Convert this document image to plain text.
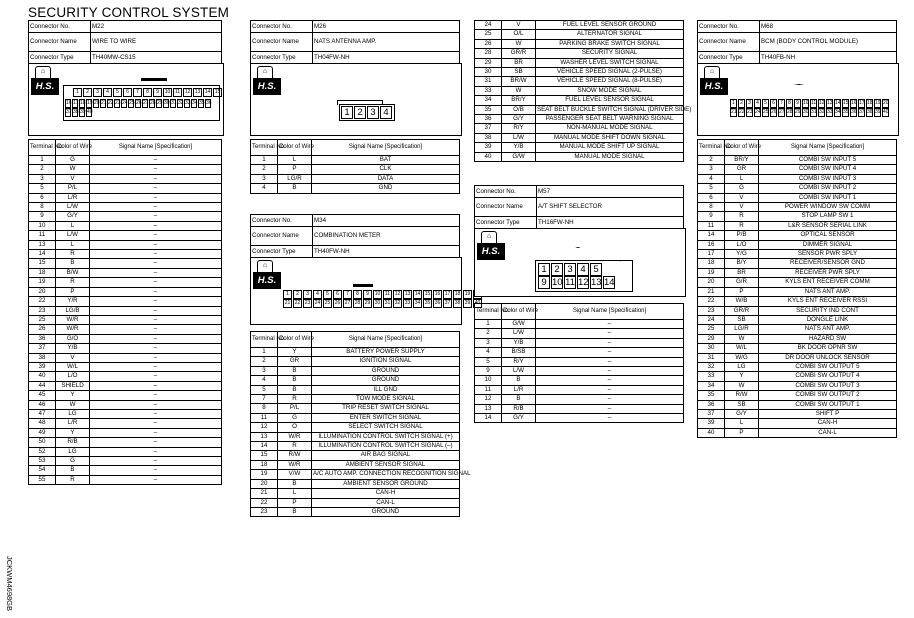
SECURITY CONTROL SYSTEM
JCKWM4698GB
Connector No.	M22
Connector Name	WIRE TO WIRE
Connector Type	TH40MW-CS15
⌂
H.S.	1	2	3	4	5	6	7	8	9	10 11 12 13 14 15
16 17 18 19 20 21 22 23 24 25 26 27 28 29 30 31 32 33 34 35 36
37 38 39 40
Terminal No.	Color of Wire	Signal Name [Specification]
1	G	–
2	W	–
3	V	–
5	P/L	–
6	L/R	–
8	L/W	–
9	G/Y	–
10	L	–
11	L/W	–
13	L	–
14	R	–
15	B	–
18	B/W	–
19	R	–
20	P	–
22	Y/R	–
23	LG/B	–
25	W/R	–
26	W/R	–
36	G/O	–
37	Y/B	–
38	V	–
39	W/L	–
40	L/O	–
44	SHIELD	–
45	Y	–
46	W	–
47	LG	–
48	L/R	–
49	Y	–
50	R/B	–
52	LG	–
53	G	–
54	B	–
55	R	–
Connector No.	M26
Connector Name	NATS ANTENNA AMP.
Connector Type	TH04FW-NH
⌂
H.S.
1 2 3 4
Terminal No.	Color of Wire	Signal Name [Specification]
1	L	BAT
2	P	CLK
3	LG/R	DATA
4	B	GND
Connector No.	M34
Connector Name	COMBINATION METER
Connector Type	TH40FW-NH
⌂
H.S.
1	2	3	4	5	6	7	8	9	10 11 12 13 14 15 16 17 18 19
21 22 23 24 25 26 27 28 29 30 31 32 33 34 35 36 37 38 39 40
Terminal No.	Color of Wire	Signal Name [Specification]
1	Y	BATTERY POWER SUPPLY
2	GR	IGNITION SIGNAL
3	B	GROUND
4	B	GROUND
5	B	ILL GND
7	R	TOW MODE SIGNAL
8	P/L	TRIP RESET SWITCH SIGNAL
11	G	ENTER SWITCH SIGNAL
12	O	SELECT SWITCH SIGNAL
13	W/R	ILLUMINATION CONTROL SWITCH SIGNAL (+)
14	R	ILLUMINATION CONTROL SWITCH SIGNAL (–)
15	R/W	AIR BAG SIGNAL
18	W/R	AMBIENT SENSOR SIGNAL
19	V/W	A/C AUTO AMP. CONNECTION RECOGNITION SIGNAL
20	B	AMBIENT SENSOR GROUND
21	L	CAN-H
22	P	CAN-L
23	B	GROUND
24	V	FUEL LEVEL SENSOR GROUND
25	O/L	ALTERNATOR SIGNAL
26	W	PARKING BRAKE SWITCH SIGNAL
28	GR/R	SECURITY SIGNAL
29	BR	WASHER LEVEL SWITCH SIGNAL
30	SB	VEHICLE SPEED SIGNAL (2-PULSE)
31	BR/W	VEHICLE SPEED SIGNAL (8-PULSE)
33	W	SNOW MODE SIGNAL
34	BR/Y	FUEL LEVEL SENSOR SIGNAL
35	O/B	SEAT BELT BUCKLE SWITCH SIGNAL (DRIVER SIDE)
36	G/Y	PASSENGER SEAT BELT WARNING SIGNAL
37	R/Y	NON-MANUAL MODE SIGNAL
38	L/W	MANUAL MODE SHIFT DOWN SIGNAL
39	Y/B	MANUAL MODE SHIFT UP SIGNAL
40	G/W	MANUAL MODE SIGNAL
Connector No.	M57
Connector Name	A/T SHIFT SELECTOR
Connector Type	TH16FW-NH
⌂
H.S.
1 2 3 4 5
9 10 11 12 13 14
Terminal No.	Color of Wire	Signal Name [Specification]
1	G/W	–
2	L/W	–
3	Y/B	–
4	B/SB	–
5	R/Y	–
9	L/W	–
10	B	–
11	L/R	–
12	B	–
13	R/B	–
14	G/Y	–
Connector No.	M68
Connector Name	BCM (BODY CONTROL MODULE)
Connector Type	TH40FB-NH
⌂
H.S.
1	2	3	4	5	6	7	8	9 10 11 12 13 14 15 16 17 18 19 20
21 22 23 24 25 26 27 28 29 30 31 32 33 34 35 36 37 38 39 40
Terminal No.	Color of Wire	Signal Name [Specification]
2	BR/Y	COMBI SW INPUT 5
3	GR	COMBI SW INPUT 4
4	L	COMBI SW INPUT 3
5	G	COMBI SW INPUT 2
6	V	COMBI SW INPUT 1
8	V	POWER WINDOW SW COMM
9	R	STOP LAMP SW 1
11	R	L&R SENSOR SERIAL LINK
14	P/B	OPTICAL SENSOR
16	L/O	DIMMER SIGNAL
17	Y/G	SENSOR PWR SPLY
18	B/Y	RECEIVER/SENSOR GND
19	BR	RECEIVER PWR SPLY
20	G/R	KYLS ENT RECEIVER COMM
21	P	NATS ANT AMP.
22	W/B	KYLS ENT RECEIVER RSSI
23	GR/R	SECURITY IND CONT
24	SB	DONGLE LINK
25	LG/R	NATS ANT AMP.
29	W	HAZARD SW
30	W/L	BK DOOR OPNR SW
31	W/G	DR DOOR UNLOCK SENSOR
32	LG	COMBI SW OUTPUT 5
33	Y	COMBI SW OUTPUT 4
34	W	COMBI SW OUTPUT 3
35	R/W	COMBI SW OUTPUT 2
36	SB	COMBI SW OUTPUT 1
37	G/Y	SHIFT P
39	L	CAN-H
40	P	CAN-L
